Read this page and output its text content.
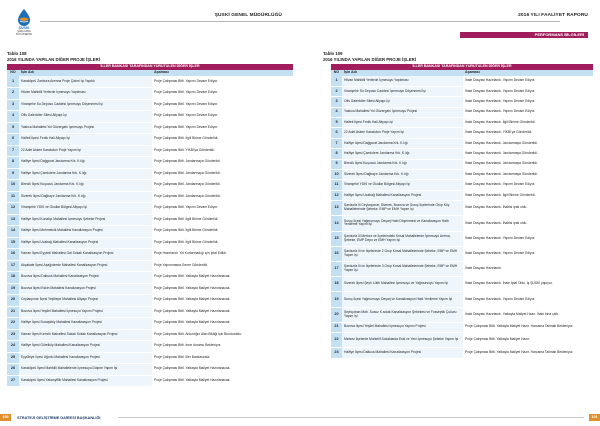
ŞUSKİ
ŞANLIURFA BÜYÜKŞEHİR
ŞUSKİ GENEL MÜDÜRLÜĞÜ
Tablo 108
2016 YILINDA YAPILAN DİĞER PROJE İŞLERİ
İLLER BANKASI TARAFINDAN YÜRÜTÜLEN DİĞER İŞLER		
NO	İşin Adı	Aşaması
1	Karaköprü Zanbura Avenna Proje Çizimi İşi Yapıldı	Proje Çalışması Bitti. Yapımı Devam Ediyor.
2	Hilvan Mahbilli Yerlerde İçmesuyu Yapılması	Proje Çalışması Bitti. Yapımı Devam Ediyor.
3	Viranşehir Su Deposu Caddesi İçmesuyu Döşenmesi İşi	Proje Çalışması Bitti. Yapımı Devam Ediyor.
4	Ofis Galericiler Sitesi Altyapı İşi	Proje Çalışması Bitti. Yapımı Devam Ediyor.
5	Yaslıca Mahallesi Yol Güzergahı İçmesuyu Projesi	Proje Çalışması Bitti. Yapımı Devam Ediyor.
6	Halfeti İlçesi Fırdık Hali Altyapı İşi	Proje Çalışması Bitti. İlgili Birime Gönderildi.
7	22 Adet Askeri Karakolun Proje Yapım İşi	Proje Çalışması Bitti. YİKBİ'ya Gönderildi.
8	Halfiye İlçesi Dağgurat Jandarma Krk. K.lığı	Proje Çalışması Bitti. Jandarmaya Gönderildi.
9	Halfiye İlçesi Çamlıdere Jandarma Krk. K.lığı	Proje Çalışması Bitti. Jandarmaya Gönderildi.
10	Birecik İlçesi Kuşucuk Jandarma Krk. K.lığı	Proje Çalışması Bitti. Jandarmaya Gönderildi.
11	Siverek İlçesi Dağbayır Jandarma Krk. K.lığı	Proje Çalışması Bitti. Jandarmaya Gönderildi.
12	Viranşehir YDKİ ve Okullar Bölgesi Altyapı İşi	Proje Çalışması Bitti. Yapımı Devam Ediyor.
13	Halfiye İlçesi Konakçı Mahallesi İçmesuyu Şebeke Projesi	Proje Çalışması Bitti. İlgili Birime Gönderildi.
14	Halfiye İlçesi Mehmetcik Mahallesi Kanalizasyon Projesi	Proje Çalışması Bitti. İlgili Birime Gönderildi.
15	Halfiye İlçesi Ucabağ Mahallesi Kanalizasyon Projesi	Proje Çalışması Bitti. İlgili Birime Gönderildi.
16	Harran İlçesi Eyyimli Mahallesi Gal Sokak Kanalizasyon Projesi	Proje Hazırlandı. Yol Kurtarmadığı için İptal Edildi.
17	Akçakale İlçesi Aşağıdemin Mahallesi Kanalizasyon Projesi	Proje Yapımınasra Genre Gönderildi.
18	Bozova İlçesi Daltuca Mahallesi Kanalizasyon Projesi	Proje Çalışması Bitti. Yatkayla Maliyet Hazırlanacak.
19	Bozova İlçesi Eskin Mahallesi Kanalizasyon Projesi	Proje Çalışması Bitti. Yatkayla Maliyet Hazırlanacak.
20	Ceylanpınar İlçesi Yeşiltepe Mahallesi Altyapı Projesi	Proje Çalışması Bitti. Yatkayla Maliyet Hazırlanacak.
21	Bozova İlçesi Yeşilel Mahallesi İçmesuyu Yapımı Projesi	Proje Çalışması Bitti. Yatkayla Maliyet Hazırlanacak.
22	Halfiye İlçesi Suxaşkbiy Mahallesi Kanalizasyon Projesi	Proje Çalışması Bitti. Yatkayla Maliyet Hazırlanacak.
23	Harran İlçesi Kırmıtlı Mahallesi Sokak Sokak Kanalizasyon Projesi	Proje Çalışması Bitti. Ankırılığın Alan Bildiği İçin Bunduruldu.
24	Halfiye İlçesi Gürelköy Mahallesi Kanalizasyon Projesi	Proje Çalışması Bitti. İmar durumu Bekleniyor.
25	Eyyübiye İlçesi Uğurlu Mahallesi Kanalizasyon Projesi	Proje Çalışması Bitti. İller Bankasında.
26	Karaköprü İlçesi Mahbilli Mahallelerde İçmesuyu Düşme Yapım İşi	Proje Çalışması Bitti. Yatkayla Maliyet Hazırlanacak.
27	Karaköprü İlçesi Yakarıyfilik Mahallesi Kanalizasyon Projesi	Proje Çalışması Bitti. Yatkayla Maliyet Hazırlanacak.
100	STRATEJİ GELİŞTİRME DAİRESİ BAŞKANLIĞI
2016 YILI FAALİYET RAPORU
PERFORMANS BİLGİLERİ
Tablo 109
2016 YILINDA YAPILAN DİĞER PROJE İŞLERİ
İLLER BANKASI TARAFINDAN YÜRÜTÜLEN DİĞER İŞLER		
NO	İşin Adı	Aşaması
1	Hilvan Mahbilli Yerlerde İçmesuyu Yapılması	İhale Dosyası Hazırlandı. Yapımı Devam Ediyor.
2	Viranşehir Su Deposu Caddesi İçmesuyu Döşenmesi İşi	İhale Dosyası Hazırlandı. Yapımı Devam Ediyor.
3	Ofis Galericiler Sitesi Altyapı İşi	İhale Dosyası Hazırlandı. Yapımı Devam Ediyor.
4	Yaslıca Mahallesi Yol Güzergahı İçmesuyu Projesi	İhale Dosyası Hazırlandı. Yapımı Devam Ediyor.
5	Halfeti İlçesi Fırdık Hali Altyapı İşi	İhale Dosyası Hazırlandı. İlgili Birime Gönderildi.
6	22 Adet Askeri Karakolun Proje Yapım İşi	İhale Dosyası Hazırlandı. YİKBİ'ya Gönderildi.
7	Halfiye İlçesi Dağgurat Jandarma Krk. K.lığı	İhale Dosyası Hazırlandı. Jandarmaya Gönderildi.
8	Halfiye İlçesi Çamlıdere Jandarma Krk. K.lığı	İhale Dosyası Hazırlandı. Jandarmaya Gönderildi.
9	Birecik İlçesi Kuşucuk Jandarma Krk. K.lığı	İhale Dosyası Hazırlandı. Jandarmaya Gönderildi.
10	Siverek İlçesi Dağbayır Jandarma Krk. K.lığı	İhale Dosyası Hazırlandı. Jandarmaya Gönderildi.
11	Viranşehir YDKİ ve Okullar Bölgesi Altyapı İşi	İhale Dosyası Hazırlandı. Yapımı Devam Ediyor.
12	Halfiye İlçesi Ucabağ Mahallesi Kanalizasyon Projesi	İhale Dosyası Hazırlandı. İlgili Birime Gönderildi.
13	Şanlıurfa İli Ceylanpınar, Siverek, Bozova ve Suruç İlçelerinde Grup Köy Mahallelerinde Şebeke, EMP ve EMH Yapım İşi	İhale Dosyası Hazırlandı. İhalesi iptal oldu.
14	Suruç İlçesi Yağmursuyu Deşarj Hattı Döşenmesi ve Kanalizasyon Hattı Yenileme Yapım İşi	İhale Dosyası Hazırlandı. İhalesi iptal oldu.
15	Şanlıurfa İli Merkez ve İlçelerindeki Kırsal Mahallelerde İçmesuyu Arıtma, Şebeke, EMP Depo ve EMH Yapım İşi	İhale Dosyası Hazırlandı. Yapımı Devam Ediyor.
16	Şanlıurfa İli ve İlçelerinde 2 Grup Kırsal Mahallelerinde Şebeke, EMP ve EMH Yapım İşi	İhale Dosyası Hazırlandı. Yapımı Devam Ediyor.
17	Şanlıurfa İli ve İlçelerinde 3 Grup Kırsal Mahallelerinde Şebeke, EMP ve EMH Yapım İşi	İhale Dosyası Hazırlandı.
18	Siverek İlçesi Şeyh Lütfü Mahallesi İçmesuyu ve Yağmursuyu Yapım İşi	İhale Dosyası Hazırlandı. İhale İptal Oldu. İş ŞUSKİ yapıyor.
19	Suruç İlçesi Yağmursuyu Deşarj ve Kanalizasyon Hattı Yenileme Yapım İşi	İhale Dosyası Hazırlandı. Yapımı Devam Ediyor.
20	Şeyhçoban Mah. Susuz K.solak Kanalizasyon Şebekesi ve Fosseptik Çukuru Yapım İşi	İhale Dosyası Hazırlandı. Yatkayla Maliyet Hazır. İhale bina çıktı.
21	Bozova İlçesi Yeşilel Mahallesi İçmesuyu Yapımı Projesi	Proje Çalışması Bitti. Yatkayla Maliyet Hazır. Harcama Talimatı Bekleniyor.
22	Merkez İlçelerde Muhtelif Sokaklarda Eski ve Yeni İçmesuyu Şebeke Yapım İşi	Proje Çalışması Bitti. Yatkayla Maliyet Hazır.
23	Halfiye İlçesi Daltuca Mahallesi Kanalizasyon Projesi	Proje Çalışması Bitti. Yatkayla Maliyet Hazır. Harcama Talimatı Bekleniyor.
101
